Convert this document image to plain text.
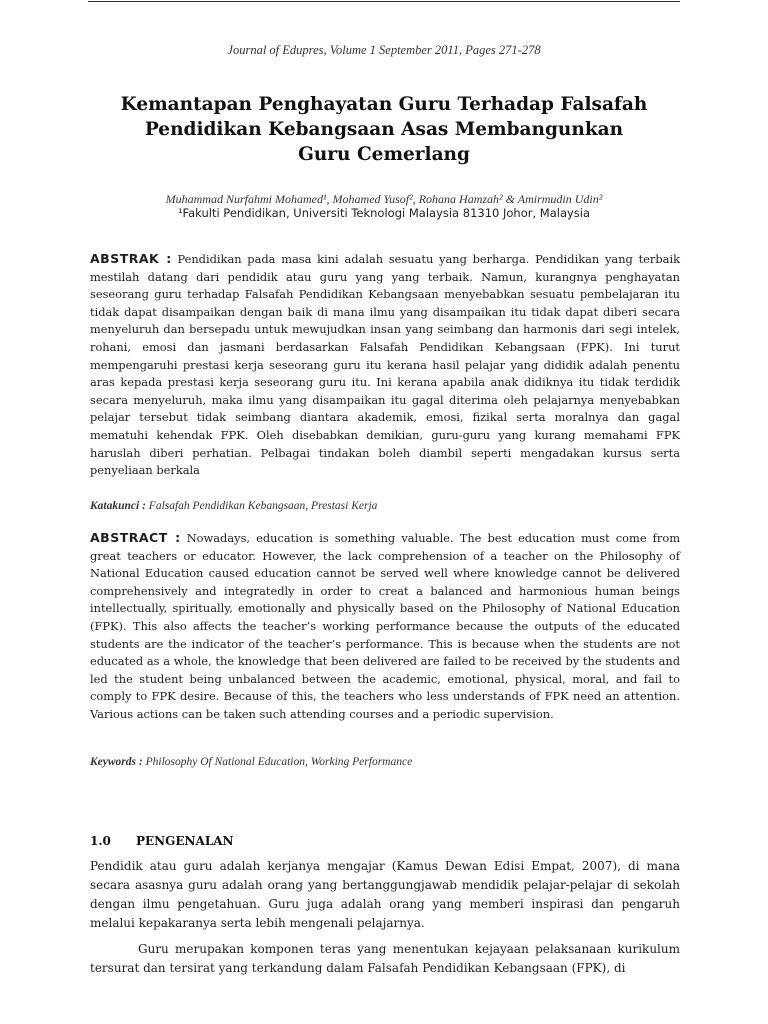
Journal of Edupres, Volume 1 September 2011, Pages 271-278
Kemantapan Penghayatan Guru Terhadap Falsafah Pendidikan Kebangsaan Asas Membangunkan Guru Cemerlang
Muhammad Nurfahmi Mohamed¹, Mohamed Yusof², Rohana Hamzah² & Amirmudin Udin²
¹Fakulti Pendidikan, Universiti Teknologi Malaysia 81310 Johor, Malaysia
ABSTRAK : Pendidikan pada masa kini adalah sesuatu yang berharga. Pendidikan yang terbaik mestilah datang dari pendidik atau guru yang yang terbaik. Namun, kurangnya penghayatan seseorang guru terhadap Falsafah Pendidikan Kebangsaan menyebabkan sesuatu pembelajaran itu tidak dapat disampaikan dengan baik di mana ilmu yang disampaikan itu tidak dapat diberi secara menyeluruh dan bersepadu untuk mewujudkan insan yang seimbang dan harmonis dari segi intelek, rohani, emosi dan jasmani berdasarkan Falsafah Pendidikan Kebangsaan (FPK). Ini turut mempengaruhi prestasi kerja seseorang guru itu kerana hasil pelajar yang dididik adalah penentu aras kepada prestasi kerja seseorang guru itu. Ini kerana apabila anak didiknya itu tidak terdidik secara menyeluruh, maka ilmu yang disampaikan itu gagal diterima oleh pelajarnya menyebabkan pelajar tersebut tidak seimbang diantara akademik, emosi, fizikal serta moralnya dan gagal mematuhi kehendak FPK. Oleh disebabkan demikian, guru-guru yang kurang memahami FPK haruslah diberi perhatian. Pelbagai tindakan boleh diambil seperti mengadakan kursus serta penyeliaan berkala
Katakunci : Falsafah Pendidikan Kebangsaan, Prestasi Kerja
ABSTRACT : Nowadays, education is something valuable. The best education must come from great teachers or educator. However, the lack comprehension of a teacher on the Philosophy of National Education caused education cannot be served well where knowledge cannot be delivered comprehensively and integratedly in order to creat a balanced and harmonious human beings intellectually, spiritually, emotionally and physically based on the Philosophy of National Education (FPK). This also affects the teacher’s working performance because the outputs of the educated students are the indicator of the teacher’s performance. This is because when the students are not educated as a whole, the knowledge that been delivered are failed to be received by the students and led the student being unbalanced between the academic, emotional, physical, moral, and fail to comply to FPK desire. Because of this, the teachers who less understands of FPK need an attention. Various actions can be taken such attending courses and a periodic supervision.
Keywords : Philosophy Of National Education, Working Performance
1.0 PENGENALAN
Pendidik atau guru adalah kerjanya mengajar (Kamus Dewan Edisi Empat, 2007), di mana secara asasnya guru adalah orang yang bertanggungjawab mendidik pelajar-pelajar di sekolah dengan ilmu pengetahuan. Guru juga adalah orang yang memberi inspirasi dan pengaruh melalui kepakaranya serta lebih mengenali pelajarnya.
Guru merupakan komponen teras yang menentukan kejayaan pelaksanaan kurikulum tersurat dan tersirat yang terkandung dalam Falsafah Pendidikan Kebangsaan (FPK), di
